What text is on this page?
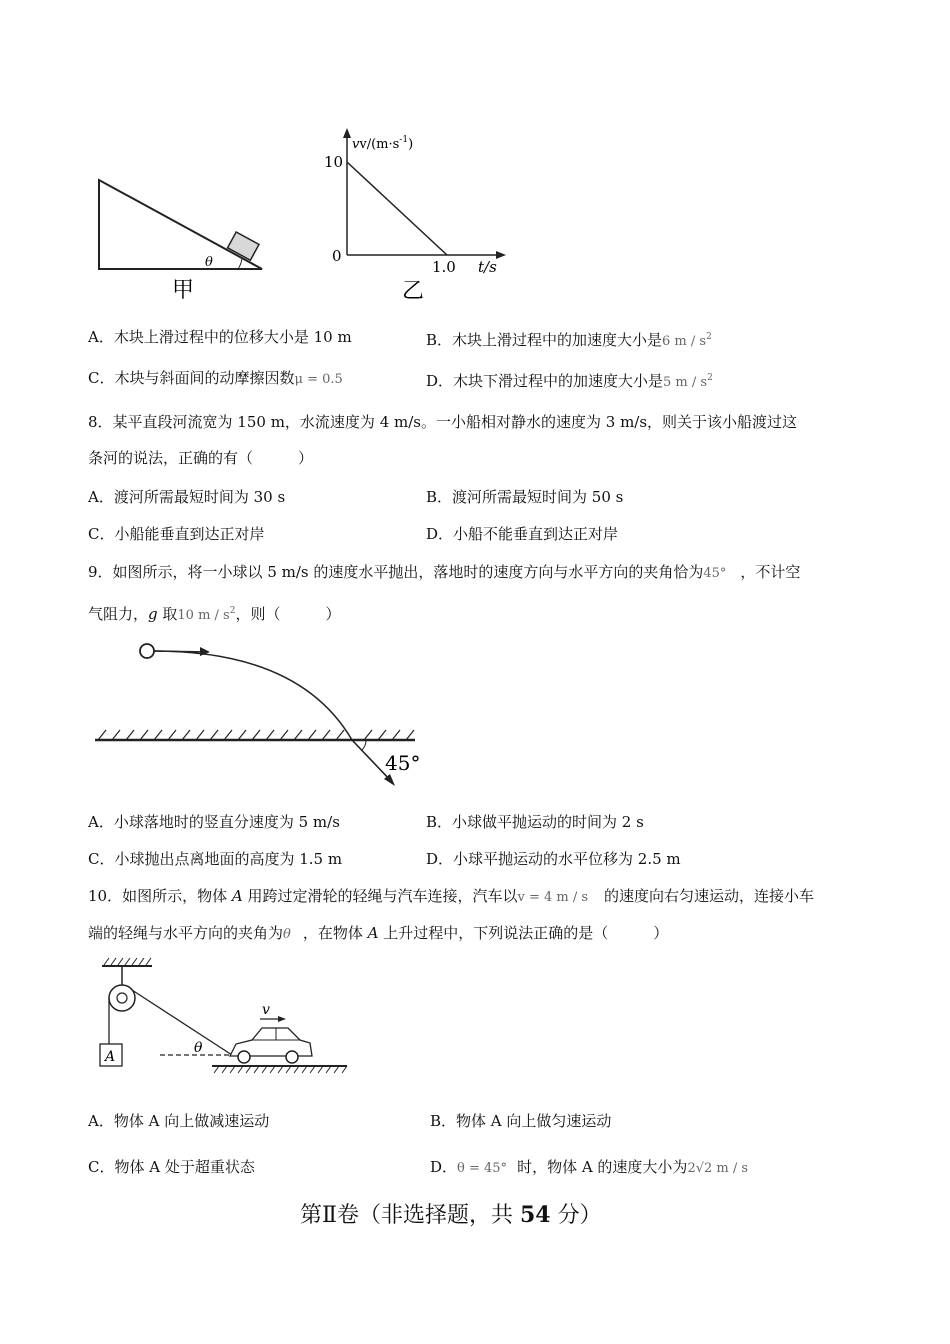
θ
甲
$vv/(m\cdot s^{-1})$
10
0
1.0 t/s
乙
A．木块上滑过程中的位移大小是 10 m	B．木块上滑过程中的加速度大小是6 m / $s^2$
C．木块与斜面间的动摩擦因数μ = 0.5	D．木块下滑过程中的加速度大小是5 m / $s^2$
8．某平直段河流宽为 150 m，水流速度为 4 m/s。一小船相对静水的速度为 3 m/s，则关于该小船渡过这
条河的说法，正确的有（　　　）
A．渡河所需最短时间为 30 s	B．渡河所需最短时间为 50 s
C．小船能垂直到达正对岸	D．小船不能垂直到达正对岸
9．如图所示，将一小球以 5 m/s 的速度水平抛出，落地时的速度方向与水平方向的夹角恰为45° ，不计空
气阻力，g 取10 m / $s^2$，则（　　　）
45°
A．小球落地时的竖直分速度为 5 m/s	B．小球做平抛运动的时间为 2 s
C．小球抛出点离地面的高度为 1.5 m	D．小球平抛运动的水平位移为 2.5 m
10．如图所示，物体 A 用跨过定滑轮的轻绳与汽车连接，汽车以v = 4 m / s 的速度向右匀速运动，连接小车
端的轻绳与水平方向的夹角为θ ，在物体 A 上升过程中，下列说法正确的是（　　　）
A
θ
v
A．物体 A 向上做减速运动	B．物体 A 向上做匀速运动
C．物体 A 处于超重状态	D．θ = 45° 时，物体 A 的速度大小为2√2 m / s
第Ⅱ卷（非选择题，共 54 分）
